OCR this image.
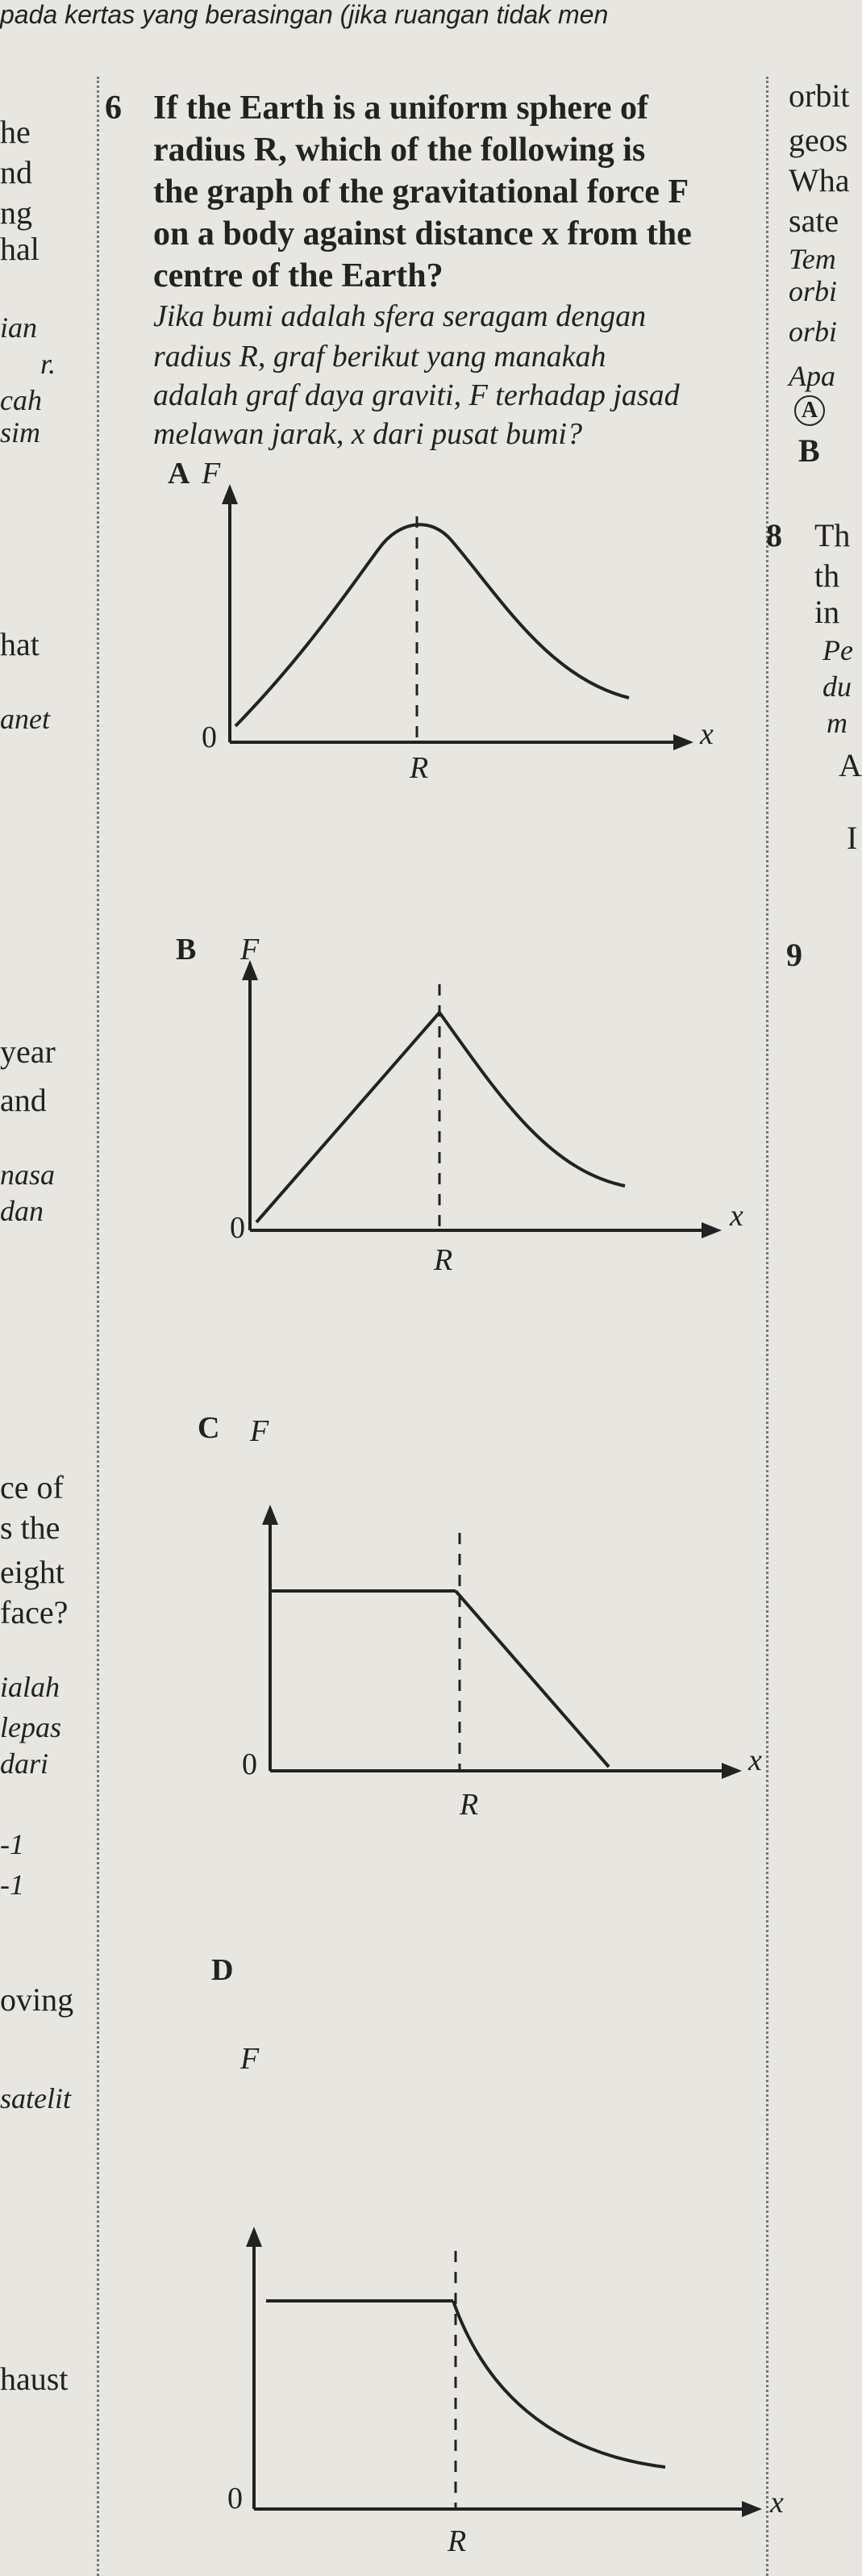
pada kertas yang berasingan (jika ruangan tidak men
he
nd
ng
hal
ian
r.
cah
sim
hat
anet
year
and
nasa
dan
ce of
s the
eight
face?
ialah
lepas
dari
-1
-1
oving
satelit
haust
orbit
geos
Wha
sate
Tem
orbi
orbi
Apa
A
B
8 Th
th
in
Pe
du
m
A
I
9
6 If the Earth is a uniform sphere of
radius R, which of the following is
the graph of the gravitational force F
on a body against distance x from the
centre of the Earth?
Jika bumi adalah sfera seragam dengan
radius R, graf berikut yang manakah
adalah graf daya graviti, F terhadap jasad
melawan jarak, x dari pusat bumi?
A F
x
0
R
B F
x
0
R
C F
x
0
R
D
F
x
0
R
